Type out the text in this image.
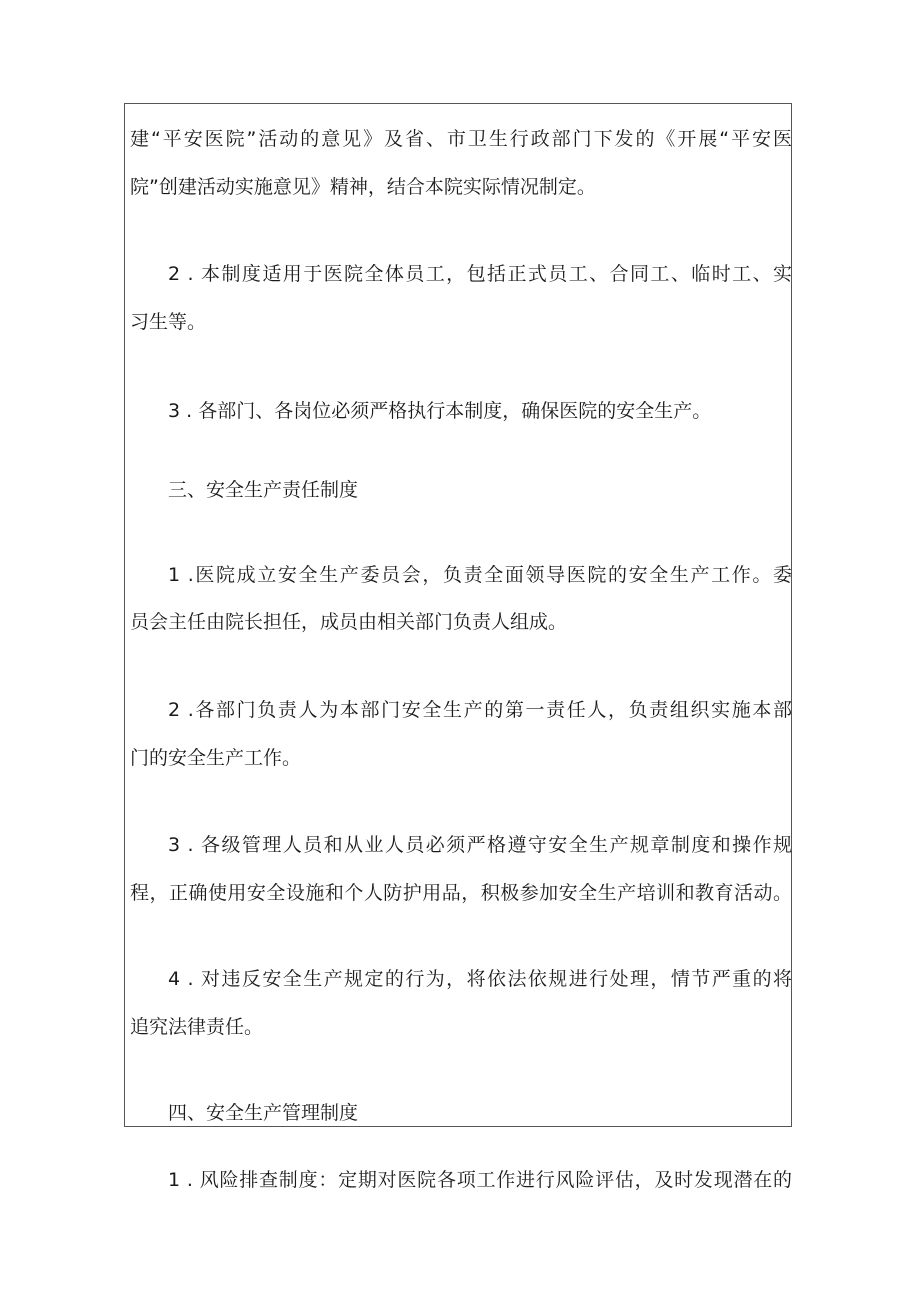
建“平安医院”活动的意见》及省、市卫生行政部门下发的《开展“平安医

院”创建活动实施意见》精神，结合本院实际情况制定。

2 . 本制度适用于医院全体员工，包括正式员工、合同工、临时工、实

习生等。

3 . 各部门、各岗位必须严格执行本制度，确保医院的安全生产。

三、安全生产责任制度

1 .医院成立安全生产委员会，负责全面领导医院的安全生产工作。委

员会主任由院长担任，成员由相关部门负责人组成。

2 .各部门负责人为本部门安全生产的第一责任人，负责组织实施本部

门的安全生产工作。

3 . 各级管理人员和从业人员必须严格遵守安全生产规章制度和操作规

程，正确使用安全设施和个人防护用品，积极参加安全生产培训和教育活动。

4 . 对违反安全生产规定的行为，将依法依规进行处理，情节严重的将

追究法律责任。

四、安全生产管理制度

1 . 风险排查制度：定期对医院各项工作进行风险评估，及时发现潜在的
